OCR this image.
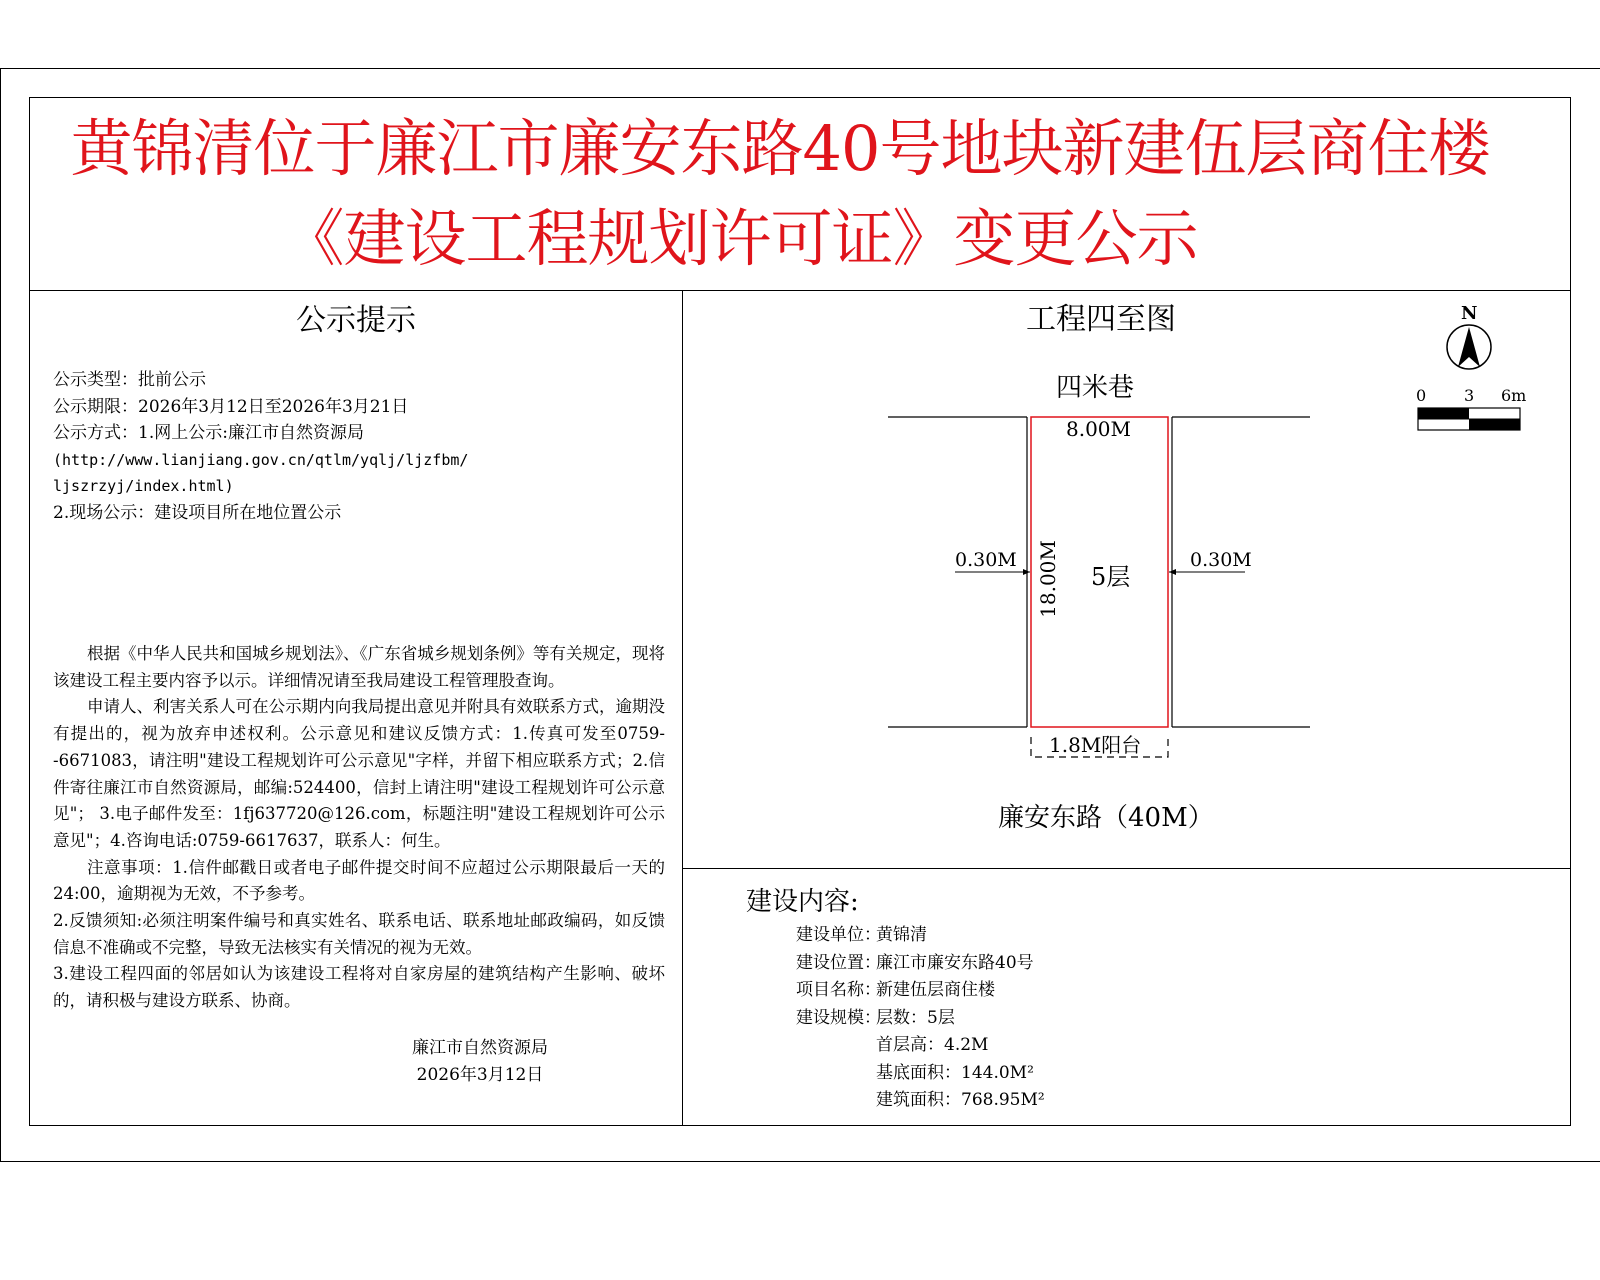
黄锦清位于廉江市廉安东路40号地块新建伍层商住楼
《建设工程规划许可证》变更公示
公示提示
公示类型：批前公示
公示期限：2026年3月12日至2026年3月21日
公示方式：1.网上公示:廉江市自然资源局
(http://www.lianjiang.gov.cn/qtlm/yqlj/ljzfbm/
ljszrzyj/index.html)
2.现场公示：建设项目所在地位置公示

根据《中华人民共和国城乡规划法》、《广东省城乡规划条例》等有关规定，现将该建设工程主要内容予以示。详细情况请至我局建设工程管理股查询。

申请人、利害关系人可在公示期内向我局提出意见并附具有效联系方式，逾期没有提出的，视为放弃申述权利。公示意见和建议反馈方式：1.传真可发至0759--6671083，请注明"建设工程规划许可公示意见"字样，并留下相应联系方式；2.信件寄往廉江市自然资源局，邮编:524400，信封上请注明"建设工程规划许可公示意见"； 3.电子邮件发至：1fj637720@126.com，标题注明"建设工程规划许可公示意见"；4.咨询电话:0759-6617637，联系人：何生。

注意事项：1.信件邮戳日或者电子邮件提交时间不应超过公示期限最后一天的24:00，逾期视为无效，不予参考。

2.反馈须知:必须注明案件编号和真实姓名、联系电话、联系地址邮政编码，如反馈信息不准确或不完整，导致无法核实有关情况的视为无效。

3.建设工程四面的邻居如认为该建设工程将对自家房屋的建筑结构产生影响、破坏的，请积极与建设方联系、协商。

廉江市自然资源局
2026年3月12日
工程四至图
四米巷
8.00M
0.30M	0.30M
18.00M 5层
1.8M阳台
廉安东路（40M）
N
0 3 6m
建设内容:
建设单位：黄锦清
建设位置：廉江市廉安东路40号
项目名称：新建伍层商住楼
建设规模：层数：5层
首层高：4.2M
基底面积：144.0M²
建筑面积：768.95M²
